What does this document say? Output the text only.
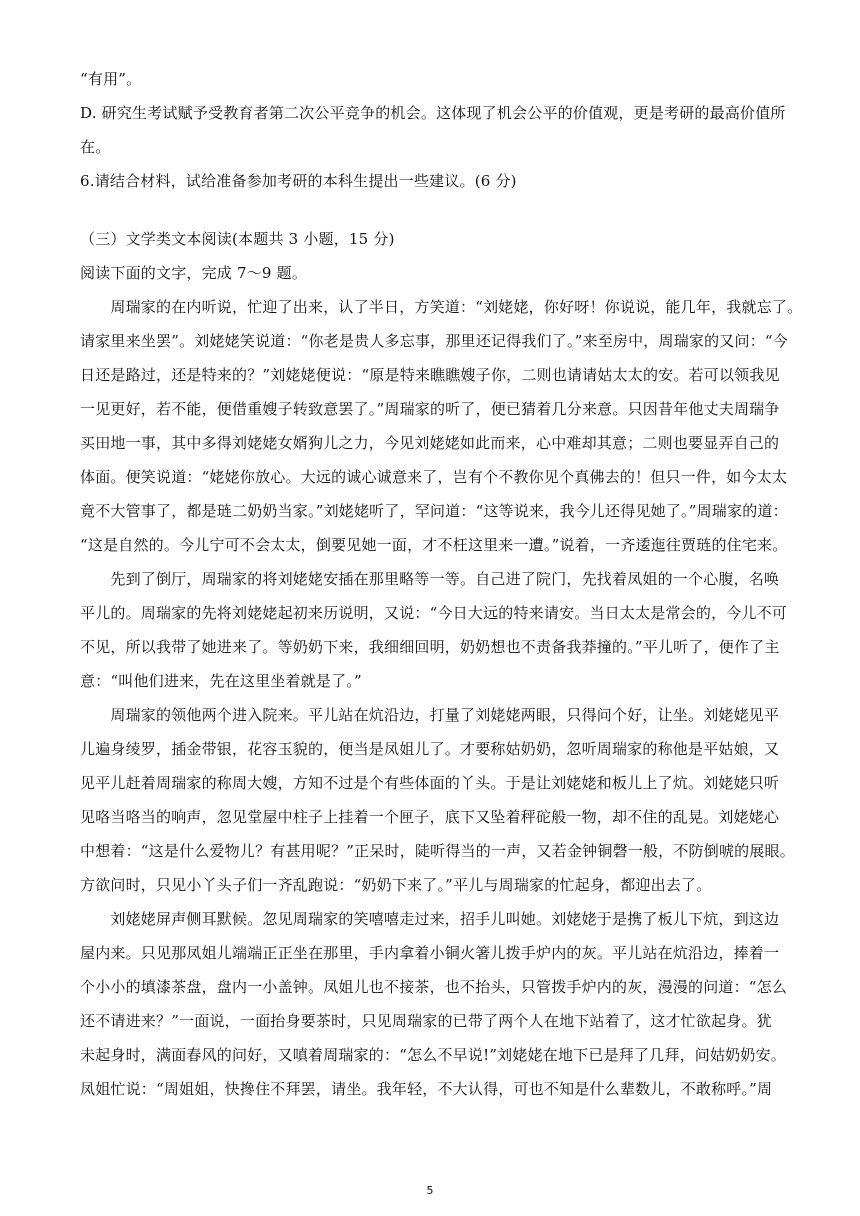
“有用”。

D. 研究生考试赋予受教育者第二次公平竞争的机会。这体现了机会公平的价值观，更是考研的最高价值所

在。

6.请结合材料，试给准备参加考研的本科生提出一些建议。(6 分)

（三）文学类文本阅读(本题共 3 小题，15 分)

阅读下面的文字，完成 7～9 题。

　　周瑞家的在内听说，忙迎了出来，认了半日，方笑道：“刘姥姥，你好呀！你说说，能几年，我就忘了。

请家里来坐罢”。刘姥姥笑说道：“你老是贵人多忘事，那里还记得我们了。”来至房中，周瑞家的又问：“今

日还是路过，还是特来的？”刘姥姥便说：“原是特来瞧瞧嫂子你，二则也请请姑太太的安。若可以领我见

一见更好，若不能，便借重嫂子转致意罢了。”周瑞家的听了，便已猜着几分来意。只因昔年他丈夫周瑞争

买田地一事，其中多得刘姥姥女婿狗儿之力，今见刘姥姥如此而来，心中难却其意；二则也要显弄自己的

体面。便笑说道：“姥姥你放心。大远的诚心诚意来了，岂有个不教你见个真佛去的！但只一件，如今太太

竟不大管事了，都是琏二奶奶当家。”刘姥姥听了，罕问道：“这等说来，我今儿还得见她了。”周瑞家的道：

“这是自然的。今儿宁可不会太太，倒要见她一面，才不枉这里来一遭。”说着，一齐逶迤往贾琏的住宅来。

　　先到了倒厅，周瑞家的将刘姥姥安插在那里略等一等。自己进了院门，先找着凤姐的一个心腹，名唤

平儿的。周瑞家的先将刘姥姥起初来历说明，又说：“今日大远的特来请安。当日太太是常会的，今儿不可

不见，所以我带了她进来了。等奶奶下来，我细细回明，奶奶想也不责备我莽撞的。”平儿听了，便作了主

意：“叫他们进来，先在这里坐着就是了。”

　　周瑞家的领他两个进入院来。平儿站在炕沿边，打量了刘姥姥两眼，只得问个好，让坐。刘姥姥见平

儿遍身绫罗，插金带银，花容玉貌的，便当是凤姐儿了。才要称姑奶奶，忽听周瑞家的称他是平姑娘，又

见平儿赶着周瑞家的称周大嫂，方知不过是个有些体面的丫头。于是让刘姥姥和板儿上了炕。刘姥姥只听

见咯当咯当的响声，忽见堂屋中柱子上挂着一个匣子，底下又坠着秤砣般一物，却不住的乱晃。刘姥姥心

中想着：“这是什么爱物儿？有甚用呢？”正呆时，陡听得当的一声，又若金钟铜磬一般，不防倒唬的展眼。

方欲问时，只见小丫头子们一齐乱跑说：“奶奶下来了。”平儿与周瑞家的忙起身，都迎出去了。

　　刘姥姥屏声侧耳默候。忽见周瑞家的笑嘻嘻走过来，招手儿叫她。刘姥姥于是携了板儿下炕，到这边

屋内来。只见那凤姐儿端端正正坐在那里，手内拿着小铜火箸儿拨手炉内的灰。平儿站在炕沿边，捧着一

个小小的填漆茶盘，盘内一小盖钟。凤姐儿也不接茶，也不抬头，只管拨手炉内的灰，漫漫的问道：“怎么

还不请进来？”一面说，一面抬身要茶时，只见周瑞家的已带了两个人在地下站着了，这才忙欲起身。犹

未起身时，满面春风的问好，又嗔着周瑞家的：“怎么不早说!”刘姥姥在地下已是拜了几拜，问姑奶奶安。

凤姐忙说：“周姐姐，快搀住不拜罢，请坐。我年轻，不大认得，可也不知是什么辈数儿，不敢称呼。”周

5
